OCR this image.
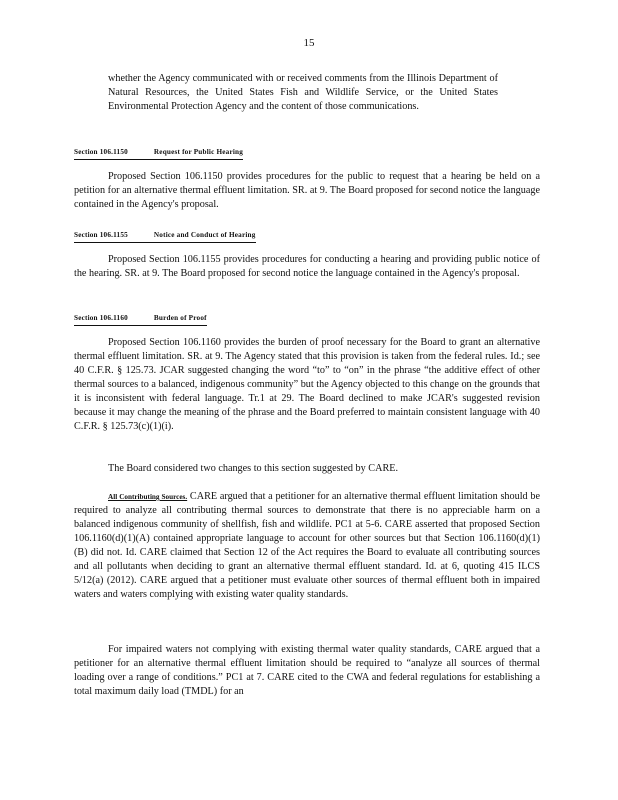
15

whether the Agency communicated with or received comments from the Illinois Department of Natural Resources, the United States Fish and Wildlife Service, or the United States Environmental Protection Agency and the content of those communications.

Section 106.1150	Request for Public Hearing

Proposed Section 106.1150 provides procedures for the public to request that a hearing be held on a petition for an alternative thermal effluent limitation. SR. at 9. The Board proposed for second notice the language contained in the Agency's proposal.

Section 106.1155	Notice and Conduct of Hearing

Proposed Section 106.1155 provides procedures for conducting a hearing and providing public notice of the hearing. SR. at 9. The Board proposed for second notice the language contained in the Agency's proposal.

Section 106.1160	Burden of Proof

Proposed Section 106.1160 provides the burden of proof necessary for the Board to grant an alternative thermal effluent limitation. SR. at 9. The Agency stated that this provision is taken from the federal rules. Id.; see 40 C.F.R. § 125.73. JCAR suggested changing the word “to” to “on” in the phrase “the additive effect of other thermal sources to a balanced, indigenous community” but the Agency objected to this change on the grounds that it is inconsistent with federal language. Tr.1 at 29. The Board declined to make JCAR's suggested revision because it may change the meaning of the phrase and the Board preferred to maintain consistent language with 40 C.F.R. § 125.73(c)(1)(i).

The Board considered two changes to this section suggested by CARE.

All Contributing Sources. CARE argued that a petitioner for an alternative thermal effluent limitation should be required to analyze all contributing thermal sources to demonstrate that there is no appreciable harm on a balanced indigenous community of shellfish, fish and wildlife. PC1 at 5-6. CARE asserted that proposed Section 106.1160(d)(1)(A) contained appropriate language to account for other sources but that Section 106.1160(d)(1)(B) did not. Id. CARE claimed that Section 12 of the Act requires the Board to evaluate all contributing sources and all pollutants when deciding to grant an alternative thermal effluent standard. Id. at 6, quoting 415 ILCS 5/12(a) (2012). CARE argued that a petitioner must evaluate other sources of thermal effluent both in impaired waters and waters complying with existing water quality standards.

For impaired waters not complying with existing thermal water quality standards, CARE argued that a petitioner for an alternative thermal effluent limitation should be required to “analyze all sources of thermal loading over a range of conditions.” PC1 at 7. CARE cited to the CWA and federal regulations for establishing a total maximum daily load (TMDL) for an
